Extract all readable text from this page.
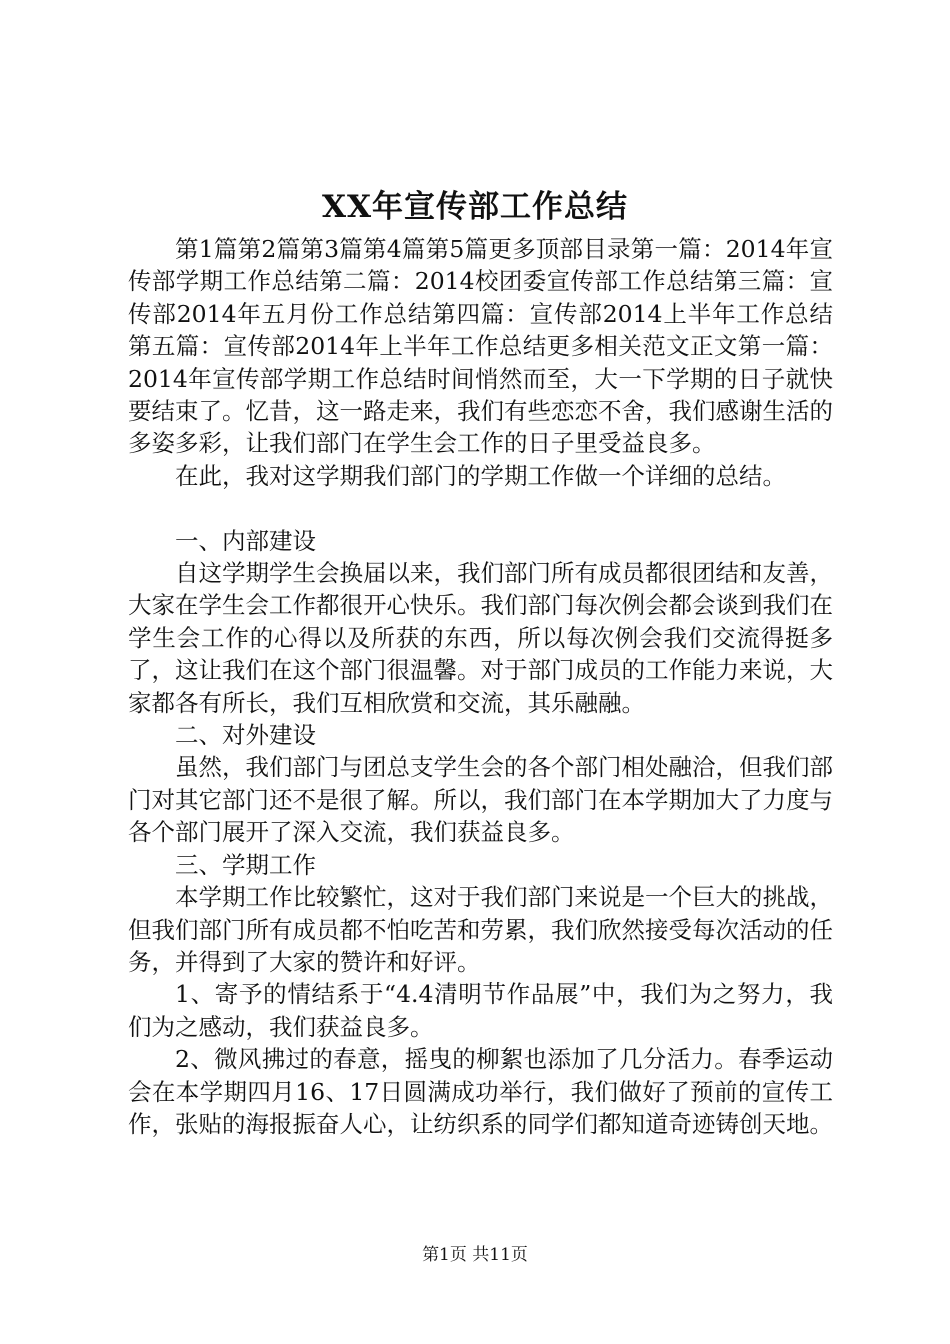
XX年宣传部工作总结

第1篇第2篇第3篇第4篇第5篇更多顶部目录第一篇：2014年宣传部学期工作总结第二篇：2014校团委宣传部工作总结第三篇：宣传部2014年五月份工作总结第四篇：宣传部2014上半年工作总结第五篇：宣传部2014年上半年工作总结更多相关范文正文第一篇：2014年宣传部学期工作总结时间悄然而至，大一下学期的日子就快要结束了。忆昔，这一路走来，我们有些恋恋不舍，我们感谢生活的多姿多彩，让我们部门在学生会工作的日子里受益良多。

在此，我对这学期我们部门的学期工作做一个详细的总结。

一、内部建设

自这学期学生会换届以来，我们部门所有成员都很团结和友善，大家在学生会工作都很开心快乐。我们部门每次例会都会谈到我们在学生会工作的心得以及所获的东西，所以每次例会我们交流得挺多了，这让我们在这个部门很温馨。对于部门成员的工作能力来说，大家都各有所长，我们互相欣赏和交流，其乐融融。

二、对外建设

虽然，我们部门与团总支学生会的各个部门相处融洽，但我们部门对其它部门还不是很了解。所以，我们部门在本学期加大了力度与各个部门展开了深入交流，我们获益良多。

三、学期工作

本学期工作比较繁忙，这对于我们部门来说是一个巨大的挑战，但我们部门所有成员都不怕吃苦和劳累，我们欣然接受每次活动的任务，并得到了大家的赞许和好评。

1、寄予的情结系于“4.4清明节作品展”中，我们为之努力，我们为之感动，我们获益良多。

2、微风拂过的春意，摇曳的柳絮也添加了几分活力。春季运动会在本学期四月16、17日圆满成功举行，我们做好了预前的宣传工作，张贴的海报振奋人心，让纺织系的同学们都知道奇迹铸创天地。

第1页 共11页
